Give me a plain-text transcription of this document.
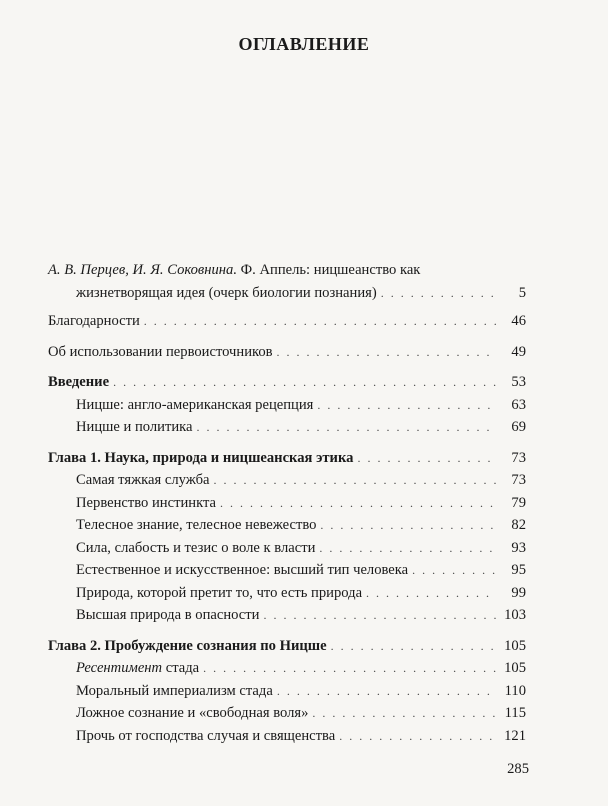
ОГЛАВЛЕНИЕ
А. В. Перцев, И. Я. Соковнина. Ф. Аппель: ницшеанство как
жизнетворящая идея (очерк биологии познания) . . .	5
Благодарности . . .	46
Об использовании первоисточников . . .	49
Введение . . .	53
Ницше: англо-американская рецепция . . .	63
Ницше и политика . . .	69
Глава 1. Наука, природа и ницшеанская этика . . .	73
Самая тяжкая служба . . .	73
Первенство инстинкта . . .	79
Телесное знание, телесное невежество . . .	82
Сила, слабость и тезис о воле к власти . . .	93
Естественное и искусственное: высший тип человека . . .	95
Природа, которой претит то, что есть природа . . .	99
Высшая природа в опасности . . .	103
Глава 2. Пробуждение сознания по Ницше . . .	105
Ресентимент стада . . .	105
Моральный империализм стада . . .	110
Ложное сознание и «свободная воля» . . .	115
Прочь от господства случая и священства . . .	121
285
